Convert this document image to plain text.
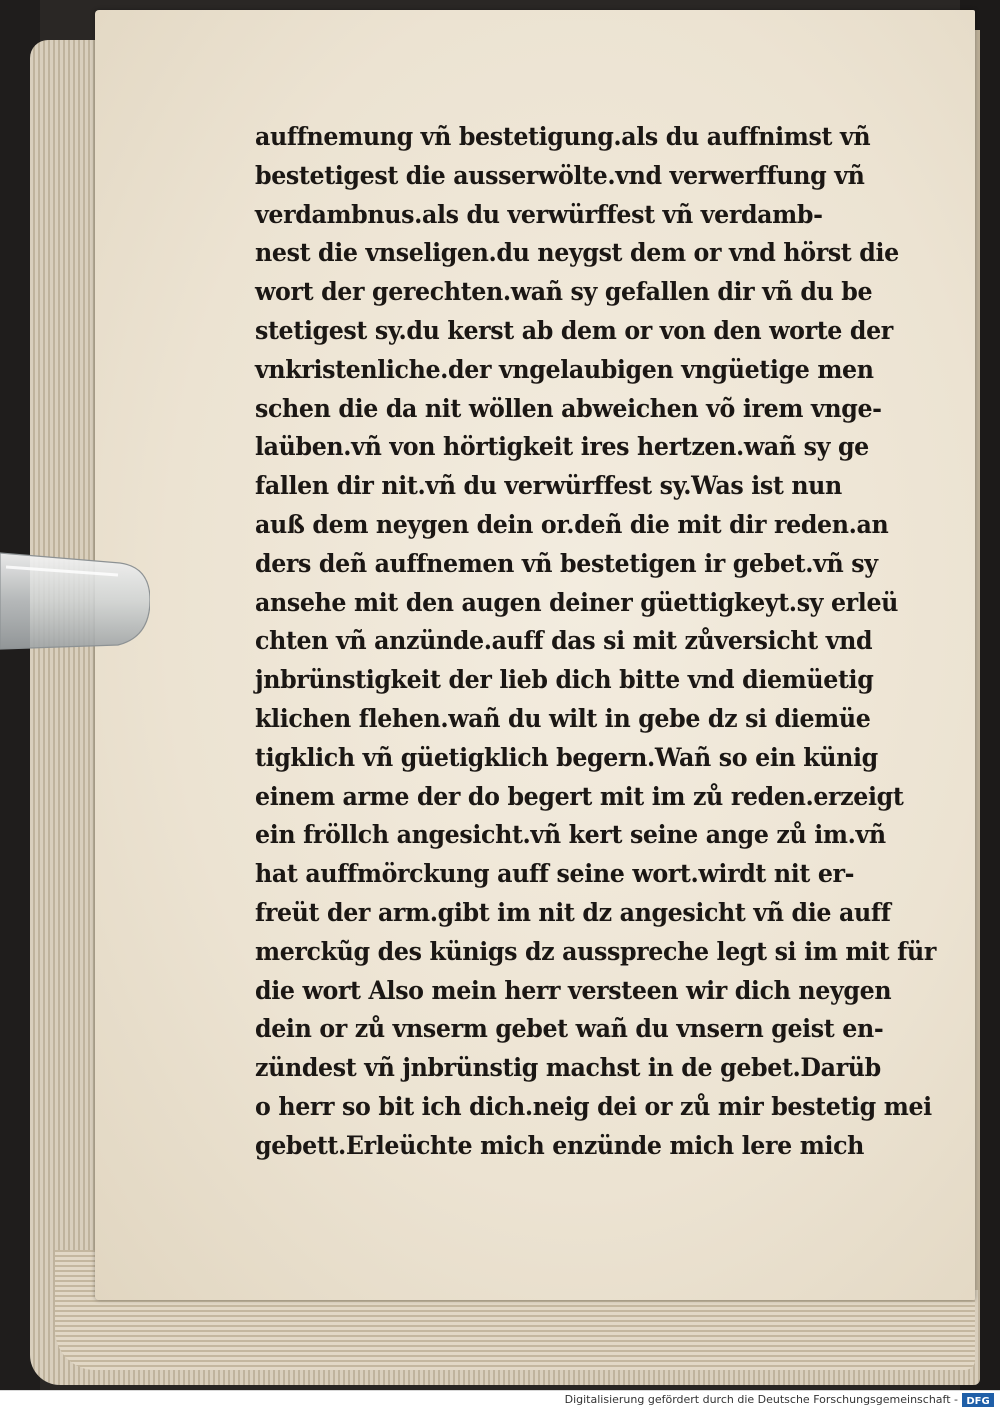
auffnemung vñ bestetigung.als du auffnimst vñ
bestetigest die ausserwölte.vnd verwerffung vñ
verdambnus.als du verwürffest vñ verdamb-
nest die vnseligen.du neygst dem or vnd hörst die
wort der gerechten.wañ sy gefallen dir vñ du be
stetigest sy.du kerst ab dem or von den worte der
vnkristenliche.der vngelaubigen vngüetige men
schen die da nit wöllen abweichen võ irem vnge-
laüben.vñ von hörtigkeit ires hertzen.wañ sy ge
fallen dir nit.vñ du verwürffest sy.Was ist nun
auß dem neygen dein or.deñ die mit dir reden.an
ders deñ auffnemen vñ bestetigen ir gebet.vñ sy
ansehe mit den augen deiner güettigkeyt.sy erleü
chten vñ anzünde.auff das si mit zůversicht vnd
jnbrünstigkeit der lieb dich bitte vnd diemüetig
klichen flehen.wañ du wilt in gebe dz si diemüe
tigklich vñ güetigklich begern.Wañ so ein künig
einem arme der do begert mit im zů reden.erzeigt
ein fröllch angesicht.vñ kert seine ange zů im.vñ
hat auffmörckung auff seine wort.wirdt nit er-
freüt der arm.gibt im nit dz angesicht vñ die auff
merckũg des künigs dz ausspreche legt si im mit für
die wort Also mein herr versteen wir dich neygen
dein or zů vnserm gebet wañ du vnsern geist en-
zündest vñ jnbrünstig machst in de gebet.Darüb
o herr so bit ich dich.neig dei or zů mir bestetig mei
gebett.Erleüchte mich enzünde mich lere mich
Digitalisierung gefördert durch die Deutsche Forschungsgemeinschaft - DFG
